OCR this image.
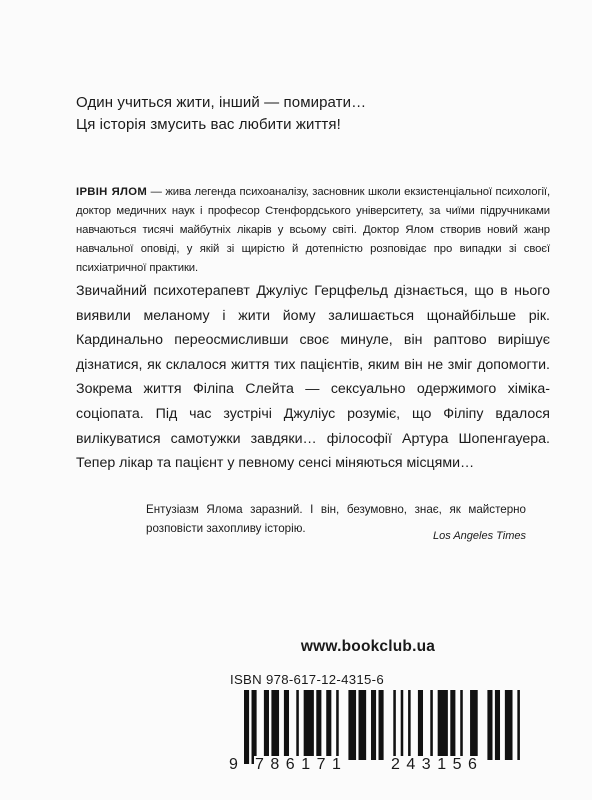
Один учиться жити, інший — помирати…
Ця історія змусить вас любити життя!
ІРВІН ЯЛОМ — жива легенда психоаналізу, засновник школи екзистенціальної психології, доктор медичних наук і професор Стенфордського університету, за чиїми підручниками навчаються тисячі майбутніх лікарів у всьому світі. Доктор Ялом створив новий жанр навчальної оповіді, у якій зі щирістю й дотепністю розповідає про випадки зі своєї психіатричної практики.
Звичайний психотерапевт Джуліус Герцфельд дізнається, що в нього виявили меланому і жити йому залишається щонайбільше рік. Кардинально переосмисливши своє минуле, він раптово вирішує дізнатися, як склалося життя тих пацієнтів, яким він не зміг допомогти. Зокрема життя Філіпа Слейта — сексуально одержимого хіміка-соціопата. Під час зустрічі Джуліус розуміє, що Філіпу вдалося вилікуватися самотужки завдяки… філософії Артура Шопенгауера. Тепер лікар та пацієнт у певному сенсі міняються місцями…
Ентузіазм Ялома заразний. І він, безумовно, знає, як майстерно розповісти захопливу історію.
Los Angeles Times
www.bookclub.ua
ISBN 978-617-12-4315-6
9 786171	243156
